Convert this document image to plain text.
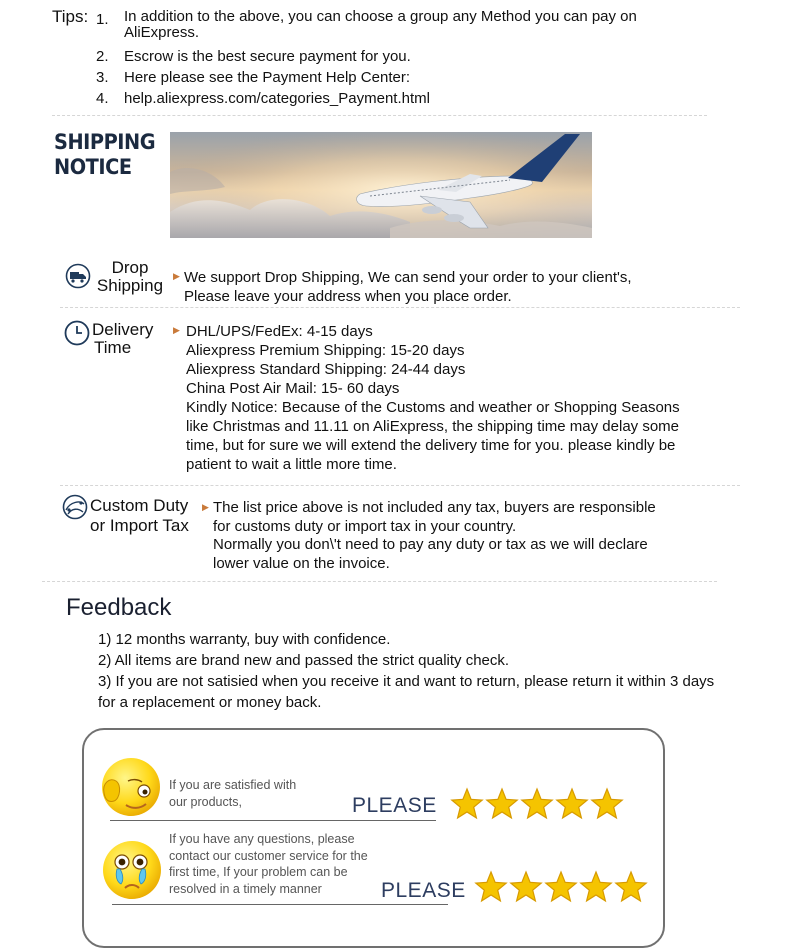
Tips: 1.	In addition to the above, you can choose a group any Method you can pay on AliExpress.
2.	Escrow is the best secure payment for you.
3.	Here please see the Payment Help Center:
4.	help.aliexpress.com/categories_Payment.html
SHIPPING
NOTICE
Drop
Shipping	▶ We support Drop Shipping, We can send your order to your client's,
Please leave your address when you place order.
Delivery
Time
▶ DHL/UPS/FedEx: 4-15 days
Aliexpress Premium Shipping: 15-20 days
Aliexpress Standard Shipping: 24-44 days
China Post Air Mail: 15- 60 days
Kindly Notice: Because of the Customs and weather or Shopping Seasons
like Christmas and 11.11 on AliExpress, the shipping time may delay some
time, but for sure we will extend the delivery time for you. please kindly be
patient to wait a little more time.
Custom Duty
or Import Tax
▶ The list price above is not included any tax, buyers are responsible
for customs duty or import tax in your country.
Normally you don\'t need to pay any duty or tax as we will declare
lower value on the invoice.
Feedback
1) 12 months warranty, buy with confidence.
2) All items are brand new and passed the strict quality check.
3) If you are not satisied when you receive it and want to return, please return it within 3 days
for a replacement or money back.
If you are satisfied with
our products,	PLEASE
If you have any questions, please
contact our customer service for the
first time, If your problem can be
resolved in a timely manner	PLEASE
